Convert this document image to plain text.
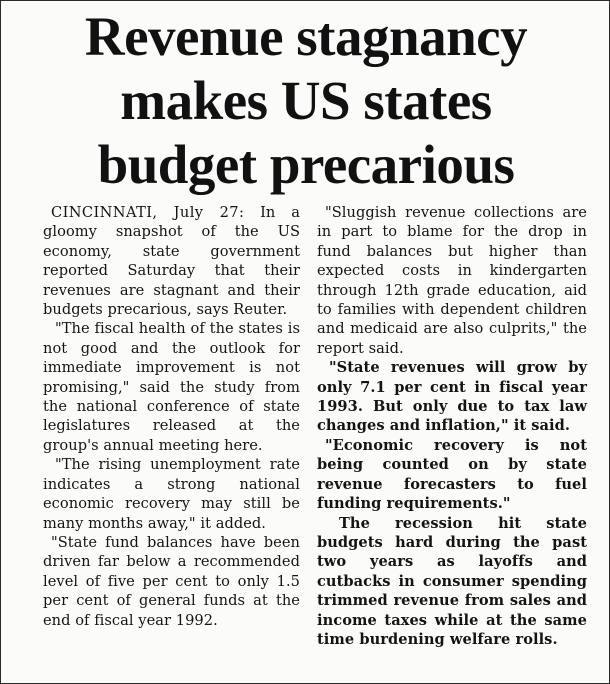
Revenue stagnancy
makes US states
budget precarious

CINCINNATI, July 27: In a gloomy snapshot of the US economy, state government reported Saturday that their revenues are stagnant and their budgets precarious, says Reuter.

"The fiscal health of the states is not good and the outlook for immediate improvement is not promising," said the study from the national conference of state legislatures released at the group's annual meeting here.

"The rising unemployment rate indicates a strong national economic recovery may still be many months away," it added.

"State fund balances have been driven far below a recommended level of five per cent to only 1.5 per cent of general funds at the end of fiscal year 1992.

"Sluggish revenue collections are in part to blame for the drop in fund balances but higher than expected costs in kindergarten through 12th grade education, aid to families with dependent children and medicaid are also culprits," the report said.

"State revenues will grow by only 7.1 per cent in fiscal year 1993. But only due to tax law changes and inflation," it said.

"Economic recovery is not being counted on by state revenue forecasters to fuel funding requirements."

The recession hit state budgets hard during the past two years as layoffs and cutbacks in consumer spending trimmed revenue from sales and income taxes while at the same time burdening welfare rolls.
